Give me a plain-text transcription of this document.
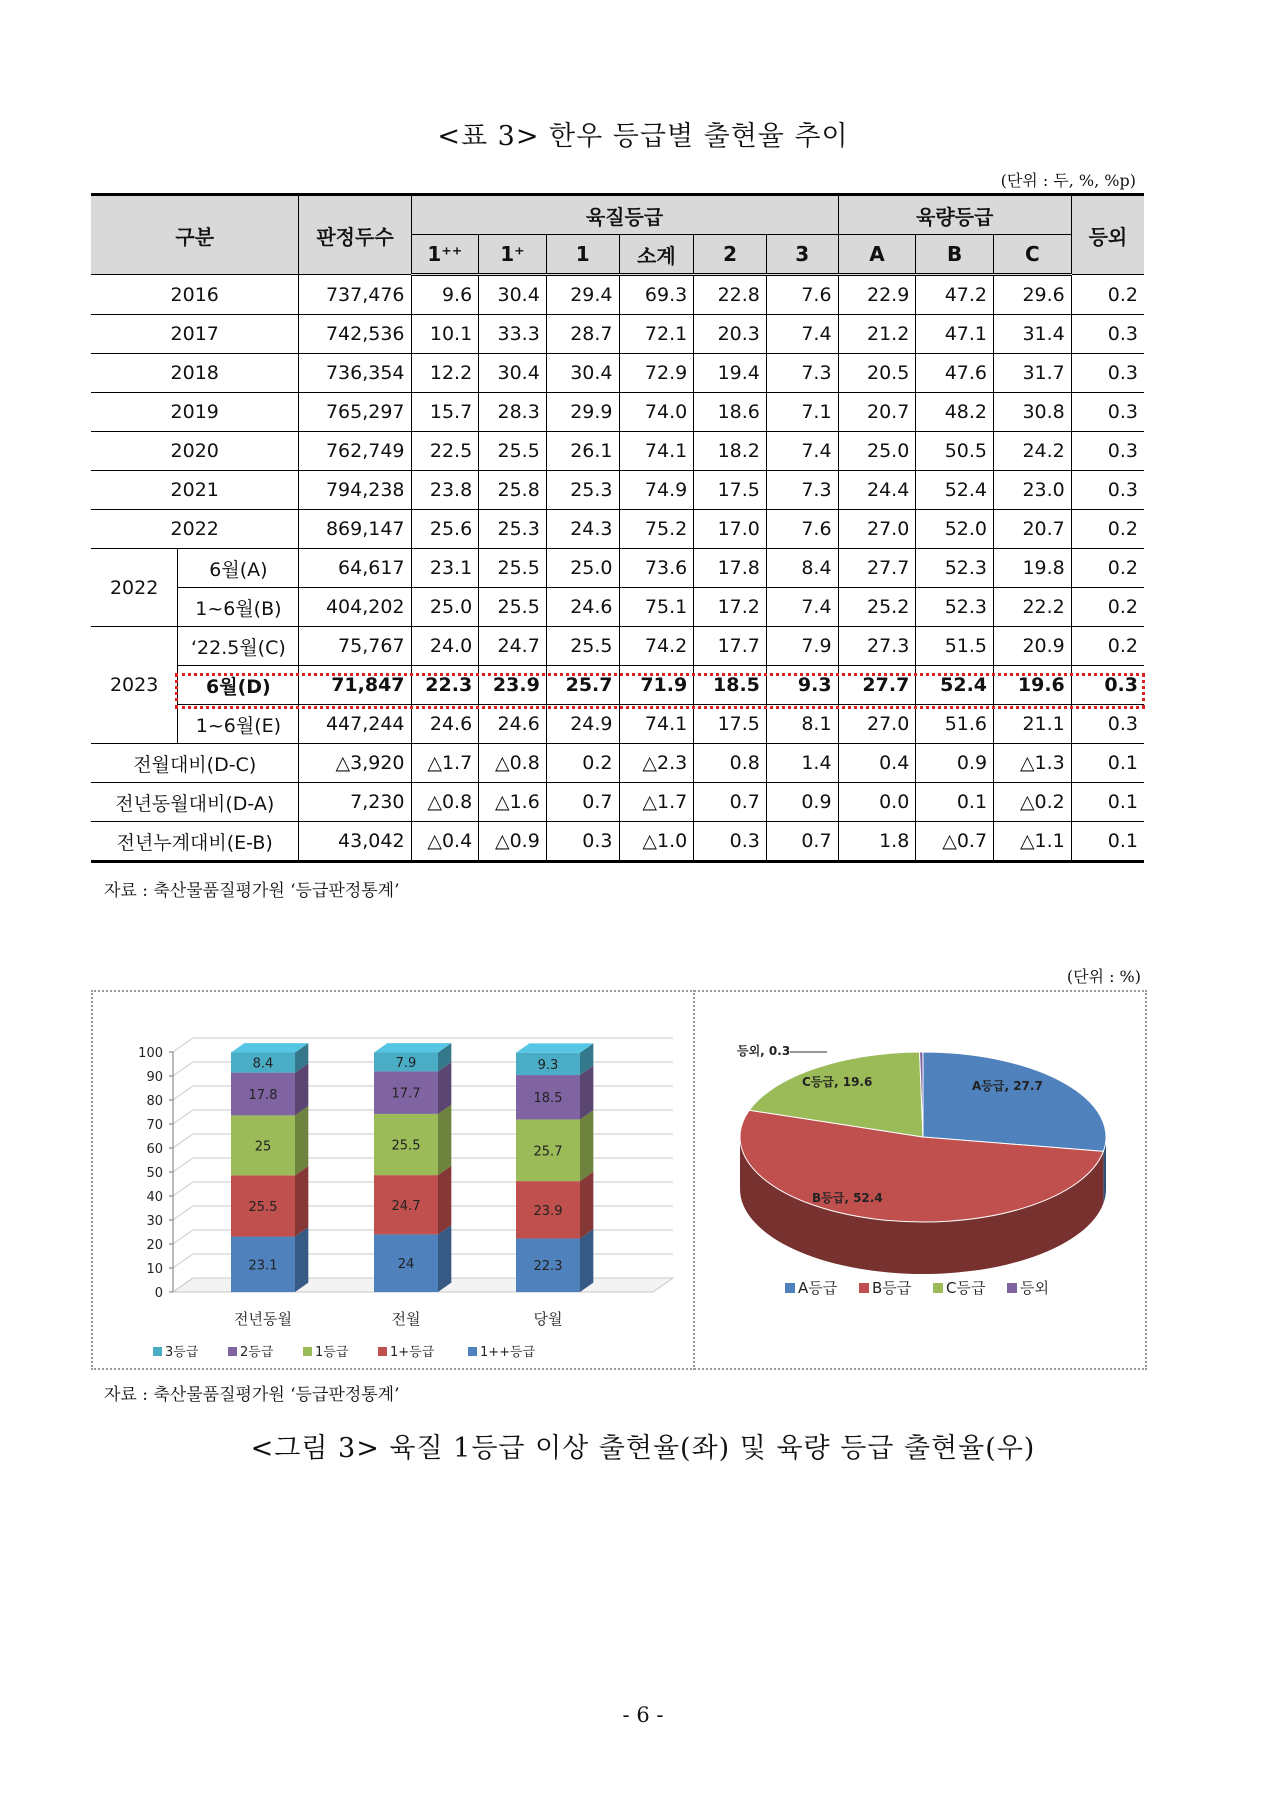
<표 3> 한우 등급별 출현율 추이
(단위 : 두, %, %p)
구분		판정두수	육질등급						육량등급			등외
			1⁺⁺	1⁺	1	소계	2	3	A	B	C	
2016		737,476	9.6	30.4	29.4	69.3	22.8	7.6	22.9	47.2	29.6	0.2
2017		742,536	10.1	33.3	28.7	72.1	20.3	7.4	21.2	47.1	31.4	0.3
2018		736,354	12.2	30.4	30.4	72.9	19.4	7.3	20.5	47.6	31.7	0.3
2019		765,297	15.7	28.3	29.9	74.0	18.6	7.1	20.7	48.2	30.8	0.3
2020		762,749	22.5	25.5	26.1	74.1	18.2	7.4	25.0	50.5	24.2	0.3
2021		794,238	23.8	25.8	25.3	74.9	17.5	7.3	24.4	52.4	23.0	0.3
2022		869,147	25.6	25.3	24.3	75.2	17.0	7.6	27.0	52.0	20.7	0.2
2022	6월(A)	64,617	23.1	25.5	25.0	73.6	17.8	8.4	27.7	52.3	19.8	0.2
	1~6월(B)	404,202	25.0	25.5	24.6	75.1	17.2	7.4	25.2	52.3	22.2	0.2
2023	‘22.5월(C)	75,767	24.0	24.7	25.5	74.2	17.7	7.9	27.3	51.5	20.9	0.2
	6월(D)	71,847	22.3	23.9	25.7	71.9	18.5	9.3	27.7	52.4	19.6	0.3
	1~6월(E)	447,244	24.6	24.6	24.9	74.1	17.5	8.1	27.0	51.6	21.1	0.3
전월대비(D-C)		△3,920	△1.7	△0.8	0.2	△2.3	0.8	1.4	0.4	0.9	△1.3	0.1
전년동월대비(D-A)		7,230	△0.8	△1.6	0.7	△1.7	0.7	0.9	0.0	0.1	△0.2	0.1
전년누계대비(E-B)		43,042	△0.4	△0.9	0.3	△1.0	0.3	0.7	1.8	△0.7	△1.1	0.1
자료 : 축산물품질평가원 ‘등급판정통계’
(단위 : %)
0
10
20
30
40
50
60
70
80
90
100
23.1
25.5
25
17.8
8.4
전년동월
24
24.7
25.5
17.7
7.9
전월
22.3
23.9
25.7
18.5
9.3
당월
3등급	2등급	1등급	1+등급	1++등급
A등급, 27.7
B등급, 52.4
C등급, 19.6
등외, 0.3
A등급 B등급 C등급 등외
자료 : 축산물품질평가원 ‘등급판정통계’
<그림 3> 육질 1등급 이상 출현율(좌) 및 육량 등급 출현율(우)
- 6 -
